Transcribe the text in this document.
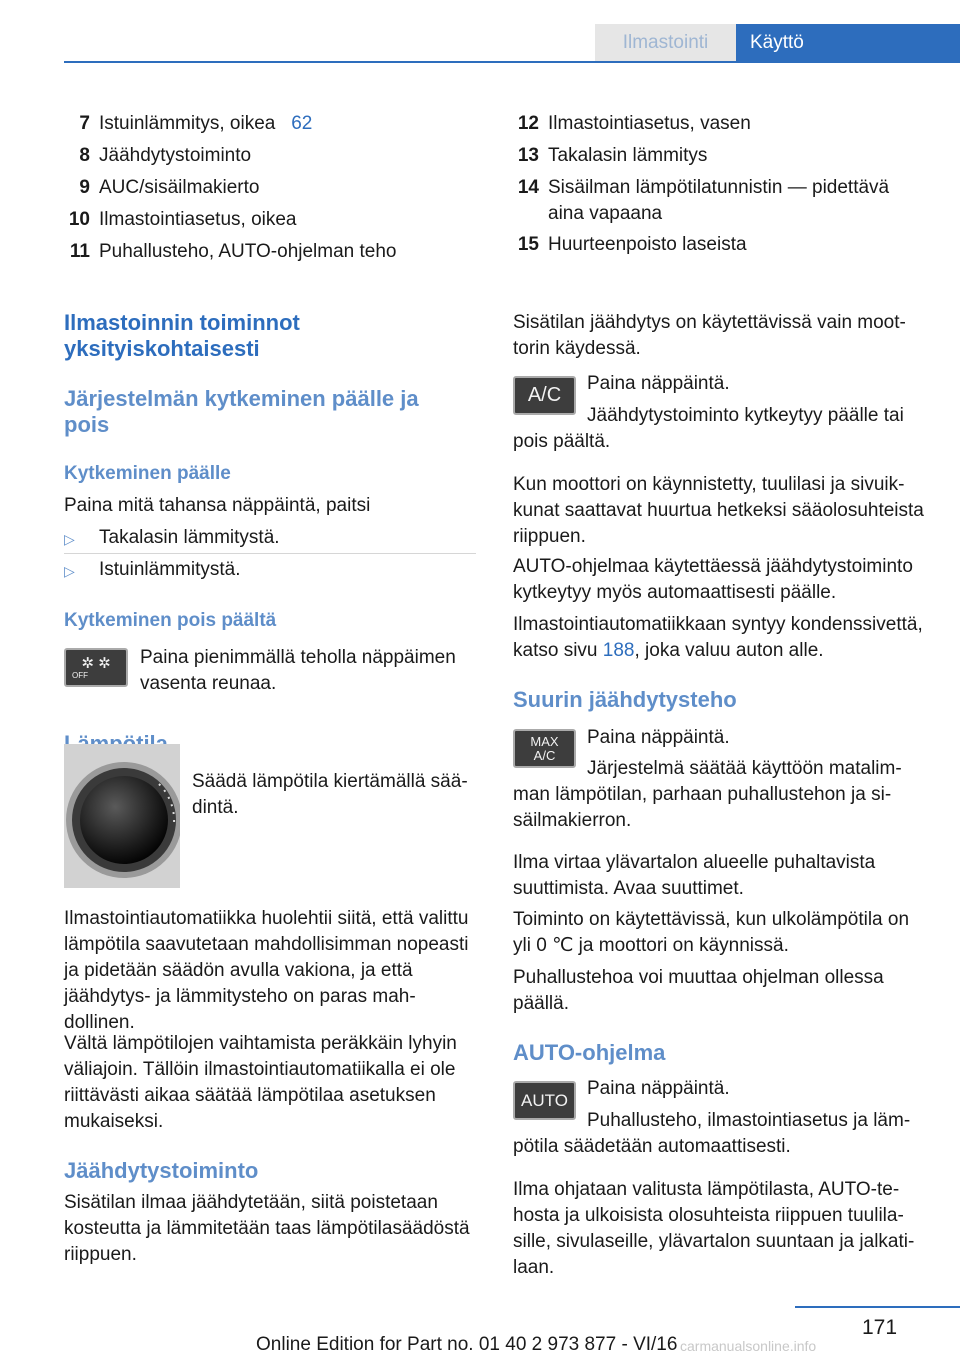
Ilmastointi	Käyttö
7 Istuinlämmitys, oikea 62
8 Jäähdytystoiminto
9 AUC/sisäilmakierto
10 Ilmastointiasetus, oikea
11 Puhallusteho, AUTO-ohjelman teho
12 Ilmastointiasetus, vasen
13 Takalasin lämmitys
14 Sisäilman lämpötilatunnistin — pidettävä aina vapaana
15 Huurteenpoisto laseista
Ilmastoinnin toiminnot yksityiskohtaisesti
Järjestelmän kytkeminen päälle ja pois
Kytkeminen päälle
Paina mitä tahansa näppäintä, paitsi
▷ Takalasin lämmitystä.
▷ Istuinlämmitystä.
Kytkeminen pois päältä
✲ ✲
OFF
Paina pienimmällä teholla näppäimen vasenta reunaa.
Säädä lämpötila kiertämällä säädintä.
Ilmastointiautomatiikka huolehtii siitä, että valittu lämpötila saavutetaan mahdollisimman nopeasti ja pidetään säädön avulla vakiona, ja että jäähdytys- ja lämmitysteho on paras mahdollinen.
Vältä lämpötilojen vaihtamista peräkkäin lyhyin väliajoin. Tällöin ilmastointiautomatiikalla ei ole riittävästi aikaa säätää lämpötilaa asetuksen mukaiseksi.
Jäähdytystoiminto
Sisätilan ilmaa jäähdytetään, siitä poistetaan kosteutta ja lämmitetään taas lämpötilasäädöstä riippuen.
Sisätilan jäähdytys on käytettävissä vain moottorin käydessä.
A/C
Paina näppäintä.
Jäähdytystoiminto kytkeytyy päälle tai pois päältä.
Kun moottori on käynnistetty, tuulilasi ja sivuikkunat saattavat huurtua hetkeksi sääolosuhteista riippuen.
AUTO-ohjelmaa käytettäessä jäähdytystoiminto kytkeytyy myös automaattisesti päälle.
Ilmastointiautomatiikkaan syntyy kondenssivettä, katso sivu 188, joka valuu auton alle.
Suurin jäähdytysteho
MAX
A/C
Paina näppäintä.
Järjestelmä säätää käyttöön matalimman lämpötilan, parhaan puhallustehon ja sisäilmakierron.
Ilma virtaa ylävartalon alueelle puhaltavista suuttimista. Avaa suuttimet.
Toiminto on käytettävissä, kun ulkolämpötila on yli 0 ℃ ja moottori on käynnissä.
Puhallustehoa voi muuttaa ohjelman ollessa päällä.
AUTO-ohjelma
AUTO
Paina näppäintä.
Puhallusteho, ilmastointiasetus ja lämpötila säädetään automaattisesti.
Ilma ohjataan valitusta lämpötilasta, AUTO-tehosta ja ulkoisista olosuhteista riippuen tuulilasille, sivulaseille, ylävartalon suuntaan ja jalkatilaan.
171
Online Edition for Part no. 01 40 2 973 877 - VI/16 carmanualsonline.info
